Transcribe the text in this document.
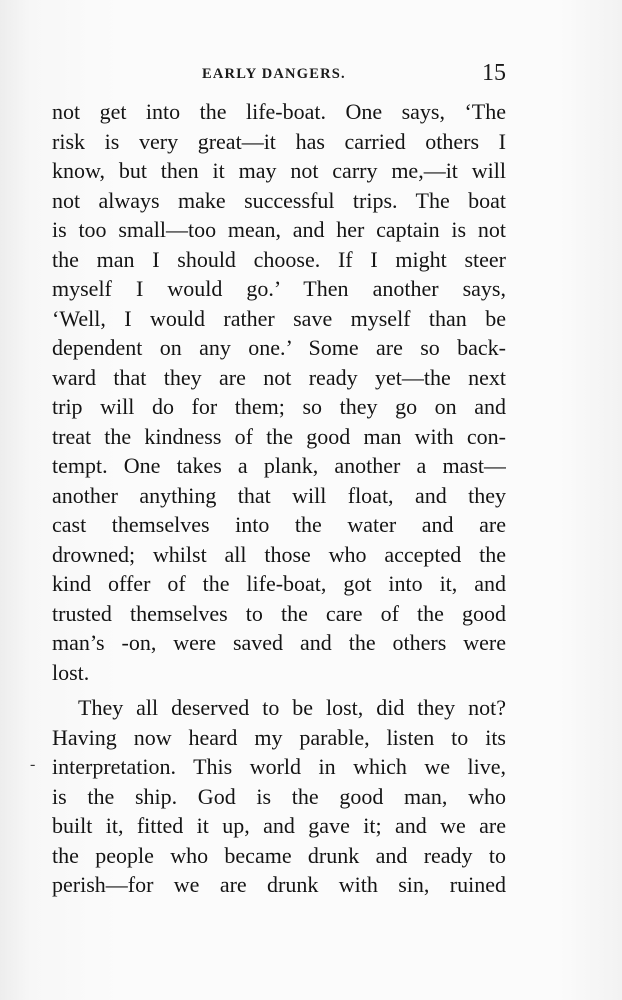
EARLY DANGERS.	15
-
not get into the life-boat. One says, ‘The
risk is very great—it has carried others I
know, but then it may not carry me,—it will
not always make successful trips. The boat
is too small—too mean, and her captain is not
the man I should choose. If I might steer
myself I would go.’ Then another says,
‘Well, I would rather save myself than be
dependent on any one.’ Some are so back-
ward that they are not ready yet—the next
trip will do for them; so they go on and
treat the kindness of the good man with con-
tempt. One takes a plank, another a mast—
another anything that will float, and they
cast themselves into the water and are
drowned; whilst all those who accepted the
kind offer of the life-boat, got into it, and
trusted themselves to the care of the good
man’s -on, were saved and the others were
lost.
They all deserved to be lost, did they not?
Having now heard my parable, listen to its
interpretation. This world in which we live,
is the ship. God is the good man, who
built it, fitted it up, and gave it; and we are
the people who became drunk and ready to
perish—for we are drunk with sin, ruined
